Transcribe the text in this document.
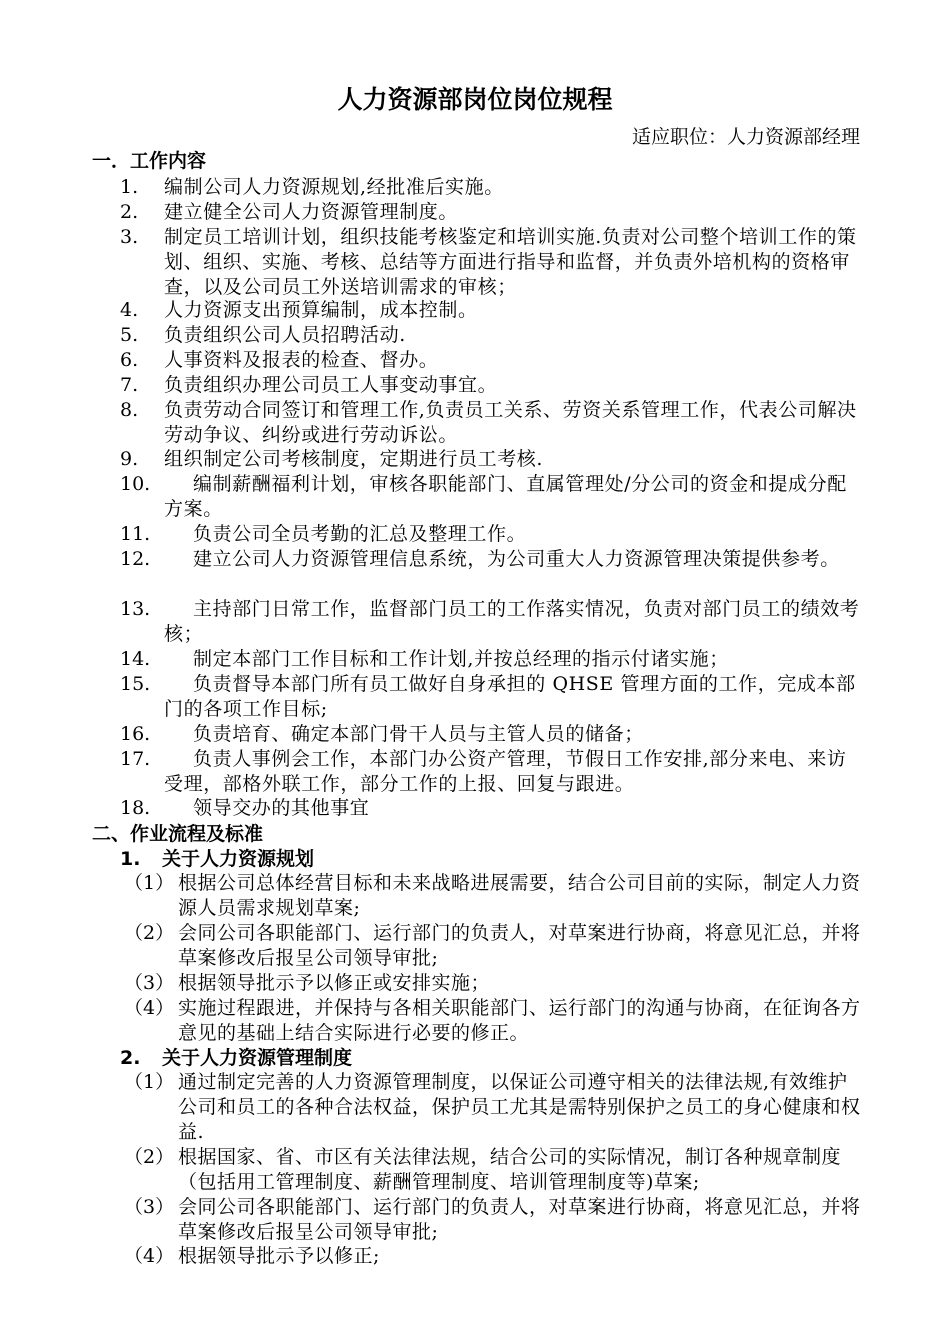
人力资源部岗位岗位规程
适应职位：人力资源部经理
一．工作内容
1. 编制公司人力资源规划,经批准后实施。
2. 建立健全公司人力资源管理制度。
3. 制定员工培训计划，组织技能考核鉴定和培训实施.负责对公司整个培训工作的策划、组织、实施、考核、总结等方面进行指导和监督，并负责外培机构的资格审查，以及公司员工外送培训需求的审核；
4. 人力资源支出预算编制，成本控制。
5. 负责组织公司人员招聘活动.
6. 人事资料及报表的检查、督办。
7. 负责组织办理公司员工人事变动事宜。
8. 负责劳动合同签订和管理工作,负责员工关系、劳资关系管理工作，代表公司解决劳动争议、纠纷或进行劳动诉讼。
9. 组织制定公司考核制度，定期进行员工考核.
10.	编制薪酬福利计划，审核各职能部门、直属管理处/分公司的资金和提成分配方案。
11.	负责公司全员考勤的汇总及整理工作。
12.	建立公司人力资源管理信息系统，为公司重大人力资源管理决策提供参考。
13.	主持部门日常工作，监督部门员工的工作落实情况，负责对部门员工的绩效考核；
14.	制定本部门工作目标和工作计划,并按总经理的指示付诸实施；
15.	负责督导本部门所有员工做好自身承担的 QHSE 管理方面的工作，完成本部门的各项工作目标;
16.	负责培育、确定本部门骨干人员与主管人员的储备；
17.	负责人事例会工作，本部门办公资产管理，节假日工作安排,部分来电、来访受理，部格外联工作，部分工作的上报、回复与跟进。
18.	领导交办的其他事宜
二、作业流程及标准
1. 关于人力资源规划
（1） 根据公司总体经营目标和未来战略进展需要，结合公司目前的实际，制定人力资源人员需求规划草案;
（2） 会同公司各职能部门、运行部门的负责人，对草案进行协商，将意见汇总，并将草案修改后报呈公司领导审批;
（3） 根据领导批示予以修正或安排实施；
（4） 实施过程跟进，并保持与各相关职能部门、运行部门的沟通与协商，在征询各方意见的基础上结合实际进行必要的修正。
2. 关于人力资源管理制度
（1） 通过制定完善的人力资源管理制度，以保证公司遵守相关的法律法规,有效维护公司和员工的各种合法权益，保护员工尤其是需特别保护之员工的身心健康和权益.
（2） 根据国家、省、市区有关法律法规，结合公司的实际情况，制订各种规章制度（包括用工管理制度、薪酬管理制度、培训管理制度等)草案;
（3） 会同公司各职能部门、运行部门的负责人，对草案进行协商，将意见汇总，并将草案修改后报呈公司领导审批;
（4） 根据领导批示予以修正;
